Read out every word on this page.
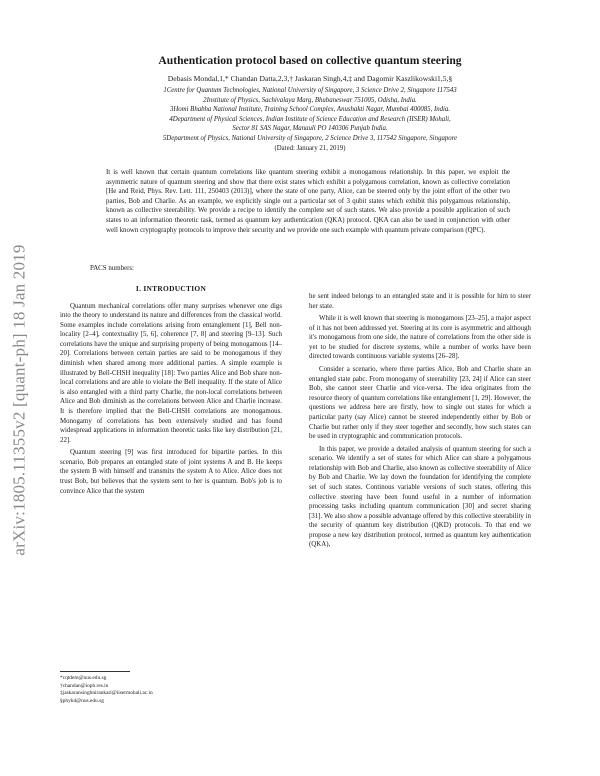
arXiv:1805.11355v2 [quant-ph] 18 Jan 2019
Authentication protocol based on collective quantum steering
Debasis Mondal,1,* Chandan Datta,2,3,† Jaskaran Singh,4,‡ and Dagomir Kaszlikowski1,5,§
1Centre for Quantum Technologies, National University of Singapore, 3 Science Drive 2, Singapore 117543
2Institute of Physics, Sachivalaya Marg, Bhubaneswar 751005, Odisha, India.
3Homi Bhabha National Institute, Training School Complex, Anushakti Nagar, Mumbai 400085, India.
4Department of Physical Sciences, Indian Institute of Science Education and Research (IISER) Mohali,
Sector 81 SAS Nagar, Manauli PO 140306 Punjab India.
5Department of Physics, National University of Singapore, 2 Science Drive 3, 117542 Singapore, Singapore
(Dated: January 21, 2019)
It is well known that certain quantum correlations like quantum steering exhibit a monogamous relationship. In this paper, we exploit the asymmetric nature of quantum steering and show that there exist states which exhibit a polygamous correlation, known as collective correlation [He and Reid, Phys. Rev. Lett. 111, 250403 (2013)], where the state of one party, Alice, can be steered only by the joint effort of the other two parties, Bob and Charlie. As an example, we explicitly single out a particular set of 3 qubit states which exhibit this polygamous relationship, known as collective steerability. We provide a recipe to identify the complete set of such states. We also provide a possible application of such states to an information theoretic task, termed as quantum key authentication (QKA) protocol. QKA can also be used in conjunction with other well known cryptography protocols to improve their security and we provide one such example with quantum private comparison (QPC).
PACS numbers:
I. INTRODUCTION

Quantum mechanical correlations offer many surprises whenever one digs into the theory to understand its nature and differences from the classical world. Some examples include correlations arising from entanglement [1], Bell non-locality [2–4], contextuality [5, 6], coherence [7, 8] and steering [9–13]. Such correlations have the unique and surprising property of being monogamous [14–20]. Correlations between certain parties are said to be monogamous if they diminish when shared among more additional parties. A simple example is illustrated by Bell-CHSH inequality [18]: Two parties Alice and Bob share non-local correlations and are able to violate the Bell inequality. If the state of Alice is also entangled with a third party Charlie, the non-local correlations between Alice and Bob diminish as the correlations between Alice and Charlie increase. It is therefore implied that the Bell-CHSH correlations are monogamous. Monogamy of correlations has been extensively studied and has found widespread applications in information theoretic tasks like key distribution [21, 22].

Quantum steering [9] was first introduced for bipartite parties. In this scenario, Bob prepares an entangled state of joint systems A and B. He keeps the system B with himself and transmits the system A to Alice. Alice does not trust Bob, but believes that the system sent to her is quantum. Bob's job is to convince Alice that the system

he sent indeed belongs to an entangled state and it is possible for him to steer her state.

While it is well known that steering is monogamous [23–25], a major aspect of it has not been addressed yet. Steering at its core is asymmetric and although it's monogamous from one side, the nature of correlations from the other side is yet to be studied for discrete systems, while a number of works have been directed towards continuous variable systems [26–28].

Consider a scenario, where three parties Alice, Bob and Charlie share an entangled state ρabc. From monogamy of steerability [23, 24] if Alice can steer Bob, she cannot steer Charlie and vice-versa. The idea originates from the resource theory of quantum correlations like entanglement [1, 29]. However, the questions we address here are firstly, how to single out states for which a particular party (say Alice) cannot be steered independently either by Bob or Charlie but rather only if they steer together and secondly, how such states can be used in cryptographic and communication protocols.

In this paper, we provide a detailed analysis of quantum steering for such a scenario. We identify a set of states for which Alice can share a polygamous relationship with Bob and Charlie, also known as collective steerability of Alice by Bob and Charlie. We lay down the foundation for identifying the complete set of such states. Continous variable versions of such states, offering this collective steering have been found useful in a number of information processing tasks including quantum communication [30] and secret sharing [31]. We also show a possible advantage offered by this collective steerability in the security of quantum key distribution (QKD) protocols. To that end we propose a new key distribution protocol, termed as quantum key authentication (QKA),

*cqtdem@nus.edu.sg
†chandan@iopb.res.in
‡jaskaransinghnirankari@iisermohali.ac.in
§phykd@nus.edu.sg
